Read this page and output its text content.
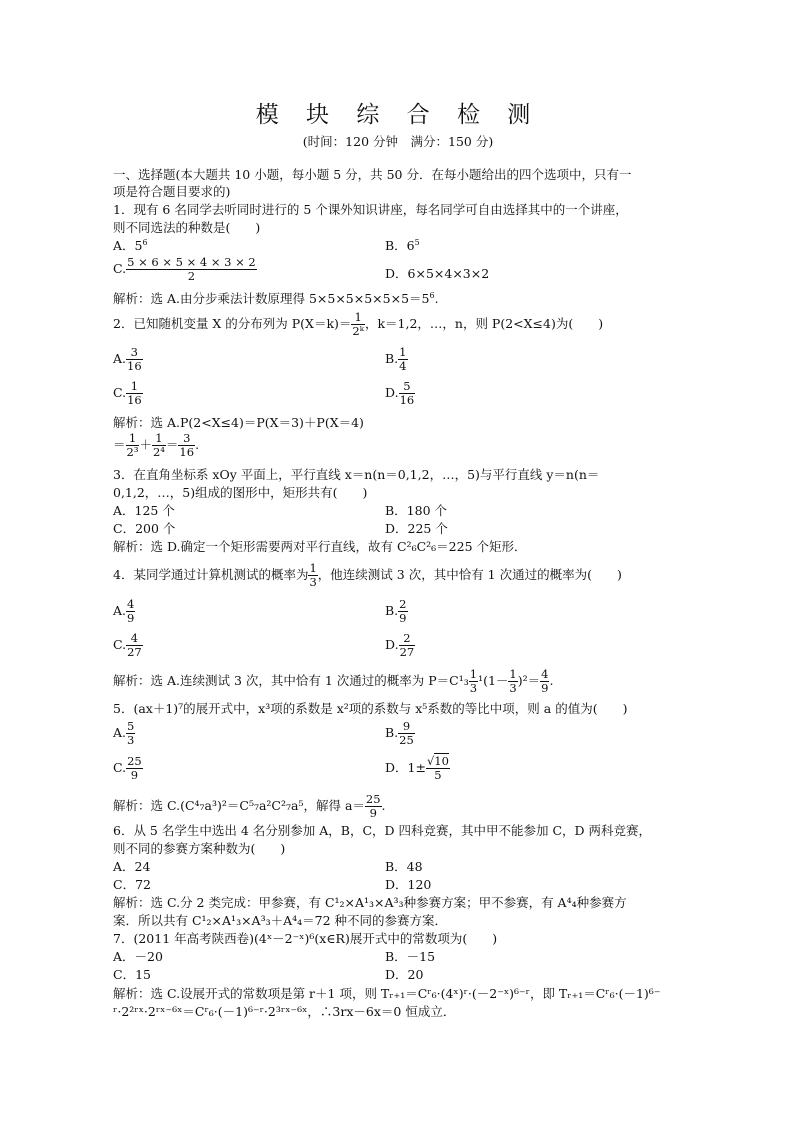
模 块 综 合 检 测
(时间：120 分钟　满分：150 分)
一、选择题(本大题共 10 小题，每小题 5 分，共 50 分．在每小题给出的四个选项中，只有一
项是符合题目要求的)
1．现有 6 名同学去听同时进行的 5 个课外知识讲座，每名同学可自由选择其中的一个讲座，
则不同选法的种数是(　　)
A．$5^6$	B．$6^5$
C. $\frac{5 \times 6 \times 5 \times 4 \times 3 \times 2}{2}$	D．6×5×4×3×2
解析：选 A.由分步乘法计数原理得 $5\times 5\times 5\times 5\times 5\times 5=5^6$.
2．已知随机变量 X 的分布列为 $P(X=k)= \frac{1}{\text{2ᵏ}}$ ，k＝1,2，…，n，则 P(2<X≤4)为(　　)
A. $\frac{3}{16}$	B. $\frac{1}{4}$
C. $\frac{1}{16}$	D. $\frac{5}{16}$
解析：选 A.P(2<X≤4)＝P(X＝3)＋P(X＝4)
＝ $\frac{1}{\text{2³}} + \frac{1}{\text{2⁴}} = \frac{3}{16}$ .
3．在直角坐标系 xOy 平面上，平行直线 x＝n(n＝0,1,2，…，5)与平行直线 y＝n(n＝
0,1,2，…，5)组成的图形中，矩形共有(　　)
A．125 个	B．180 个
C．200 个	D．225 个
解析：选 D.确定一个矩形需要两对平行直线，故有 C²₆C²₆＝225 个矩形．
4．某同学通过计算机测试的概率为 $\frac{1}{3}$ ，他连续测试 3 次，其中恰有 1 次通过的概率为(　　)
A. $\frac{4}{9}$	B. $\frac{2}{9}$
C. $\frac{4}{27}$	D. $\frac{2}{27}$
解析：选 A.连续测试 3 次，其中恰有 1 次通过的概率为 $P=C^1_3 \frac{1}{3} ^1(1- \frac{1}{3} )^2= \frac{4}{9}$ .
5．(ax＋1)⁷的展开式中，x³项的系数是 x²项的系数与 x⁵系数的等比中项，则 a 的值为(　　)
A. $\frac{5}{3}$	B. $\frac{9}{25}$
C. $\frac{25}{9}$	D．$1\pm \frac{√10}{5}$
解析：选 C.(C⁴₇a³)²＝C⁵₇a²C²₇a⁵，解得 $a= \frac{25}{9}$ .
6．从 5 名学生中选出 4 名分别参加 A，B，C，D 四科竞赛，其中甲不能参加 C，D 两科竞赛，
则不同的参赛方案种数为(　　)
A．24	B．48
C．72	D．120
解析：选 C.分 2 类完成：甲参赛，有 C¹₂×A¹₃×A³₃种参赛方案；甲不参赛，有 A⁴₄种参赛方
案．所以共有 C¹₂×A¹₃×A³₃＋A⁴₄＝72 种不同的参赛方案．
7．(2011 年高考陕西卷)(4ˣ－2⁻ˣ)⁶(x∈R)展开式中的常数项为(　　)
A．－20	B．－15
C．15	D．20
解析：选 C.设展开式的常数项是第 r＋1 项，则 Tᵣ₊₁＝Cʳ₆·(4ˣ)ʳ·(－2⁻ˣ)⁶⁻ʳ，即 Tᵣ₊₁＝Cʳ₆·(－1)⁶⁻
ʳ·2²ʳˣ·2ʳˣ⁻⁶ˣ＝Cʳ₆·(－1)⁶⁻ʳ·2³ʳˣ⁻⁶ˣ，∴3rx－6x＝0 恒成立．
